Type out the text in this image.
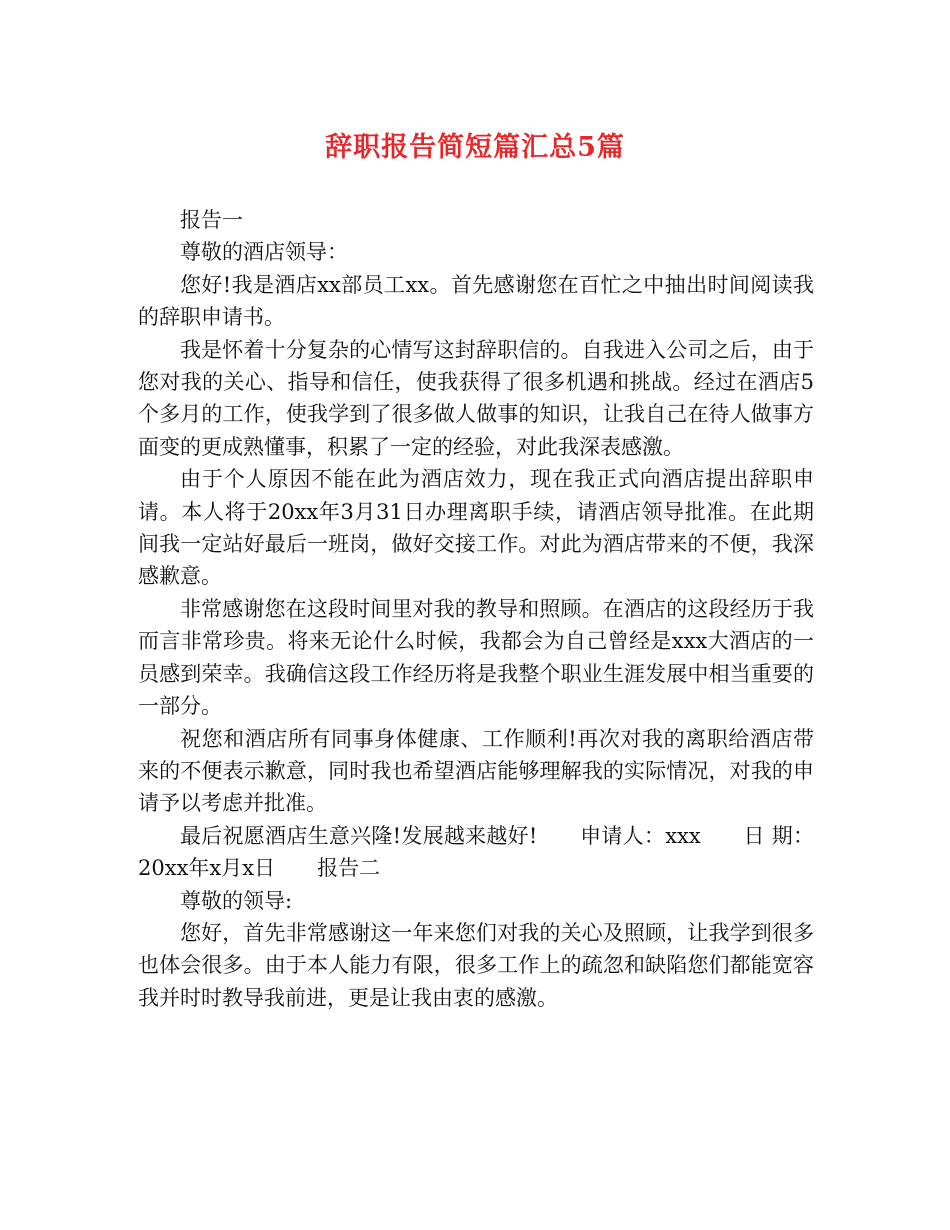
辞职报告简短篇汇总5篇

报告一

尊敬的酒店领导：

您好!我是酒店xx部员工xx。首先感谢您在百忙之中抽出时间阅读我的辞职申请书。

我是怀着十分复杂的心情写这封辞职信的。自我进入公司之后，由于您对我的关心、指导和信任，使我获得了很多机遇和挑战。经过在酒店5个多月的工作，使我学到了很多做人做事的知识，让我自己在待人做事方面变的更成熟懂事，积累了一定的经验，对此我深表感激。

由于个人原因不能在此为酒店效力，现在我正式向酒店提出辞职申请。本人将于20xx年3月31日办理离职手续，请酒店领导批准。在此期间我一定站好最后一班岗，做好交接工作。对此为酒店带来的不便，我深感歉意。

非常感谢您在这段时间里对我的教导和照顾。在酒店的这段经历于我而言非常珍贵。将来无论什么时候，我都会为自己曾经是xxx大酒店的一员感到荣幸。我确信这段工作经历将是我整个职业生涯发展中相当重要的一部分。

祝您和酒店所有同事身体健康、工作顺利!再次对我的离职给酒店带来的不便表示歉意，同时我也希望酒店能够理解我的实际情况，对我的申请予以考虑并批准。

最后祝愿酒店生意兴隆!发展越来越好!　　申请人：xxx　　日 期：20xx年x月x日　　报告二

尊敬的领导:

您好，首先非常感谢这一年来您们对我的关心及照顾，让我学到很多也体会很多。由于本人能力有限，很多工作上的疏忽和缺陷您们都能宽容我并时时教导我前进，更是让我由衷的感激。
